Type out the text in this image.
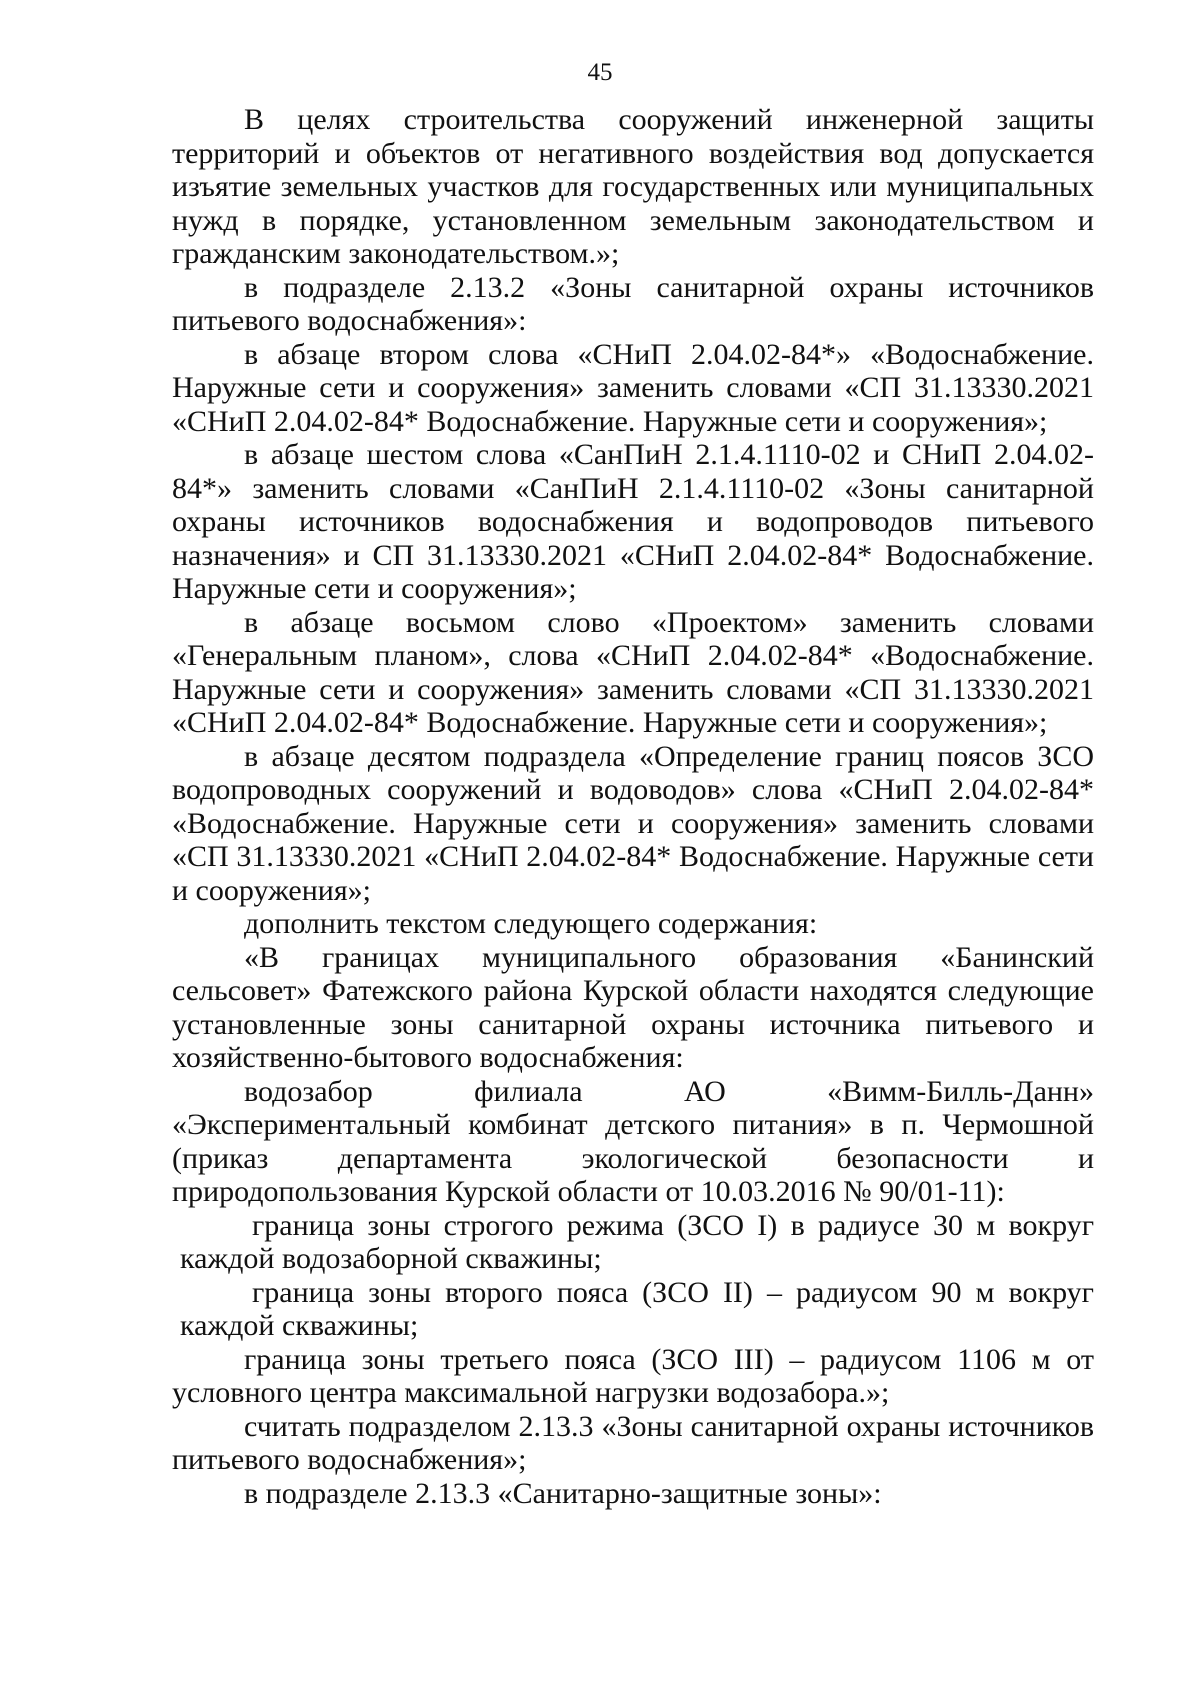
45

В целях строительства сооружений инженерной защиты территорий и объектов от негативного воздействия вод допускается изъятие земельных участков для государственных или муниципальных нужд в порядке, установленном земельным законодательством и гражданским законодательством.»;

в подразделе 2.13.2 «Зоны санитарной охраны источников питьевого водоснабжения»:

в абзаце втором слова «СНиП 2.04.02-84*» «Водоснабжение. Наружные сети и сооружения» заменить словами «СП 31.13330.2021 «СНиП 2.04.02-84* Водоснабжение. Наружные сети и сооружения»;

в абзаце шестом слова «СанПиН 2.1.4.1110-02 и СНиП 2.04.02-84*» заменить словами «СанПиН 2.1.4.1110-02 «Зоны санитарной охраны источников водоснабжения и водопроводов питьевого назначения» и СП 31.13330.2021 «СНиП 2.04.02-84* Водоснабжение. Наружные сети и сооружения»;

в абзаце восьмом слово «Проектом» заменить словами «Генеральным планом», слова «СНиП 2.04.02-84* «Водоснабжение. Наружные сети и сооружения» заменить словами «СП 31.13330.2021 «СНиП 2.04.02-84* Водоснабжение. Наружные сети и сооружения»;

в абзаце десятом подраздела «Определение границ поясов ЗСО водопроводных сооружений и водоводов» слова «СНиП 2.04.02-84* «Водоснабжение. Наружные сети и сооружения» заменить словами «СП 31.13330.2021 «СНиП 2.04.02-84* Водоснабжение. Наружные сети и сооружения»;

дополнить текстом следующего содержания:

«В границах муниципального образования «Банинский сельсовет» Фатежского района Курской области находятся следующие установленные зоны санитарной охраны источника питьевого и хозяйственно-бытового водоснабжения:

водозабор филиала АО «Вимм-Билль-Данн» «Экспериментальный комбинат детского питания» в п. Чермошной (приказ департамента экологической безопасности и природопользования Курской области от 10.03.2016 № 90/01-11):

граница зоны строгого режима (ЗСО I) в радиусе 30 м вокруг каждой водозаборной скважины;

граница зоны второго пояса (ЗСО II) – радиусом 90 м вокруг каждой скважины;

граница зоны третьего пояса (ЗСО III) – радиусом 1106 м от условного центра максимальной нагрузки водозабора.»;

считать подразделом 2.13.3 «Зоны санитарной охраны источников питьевого водоснабжения»;

в подразделе 2.13.3 «Санитарно-защитные зоны»:
